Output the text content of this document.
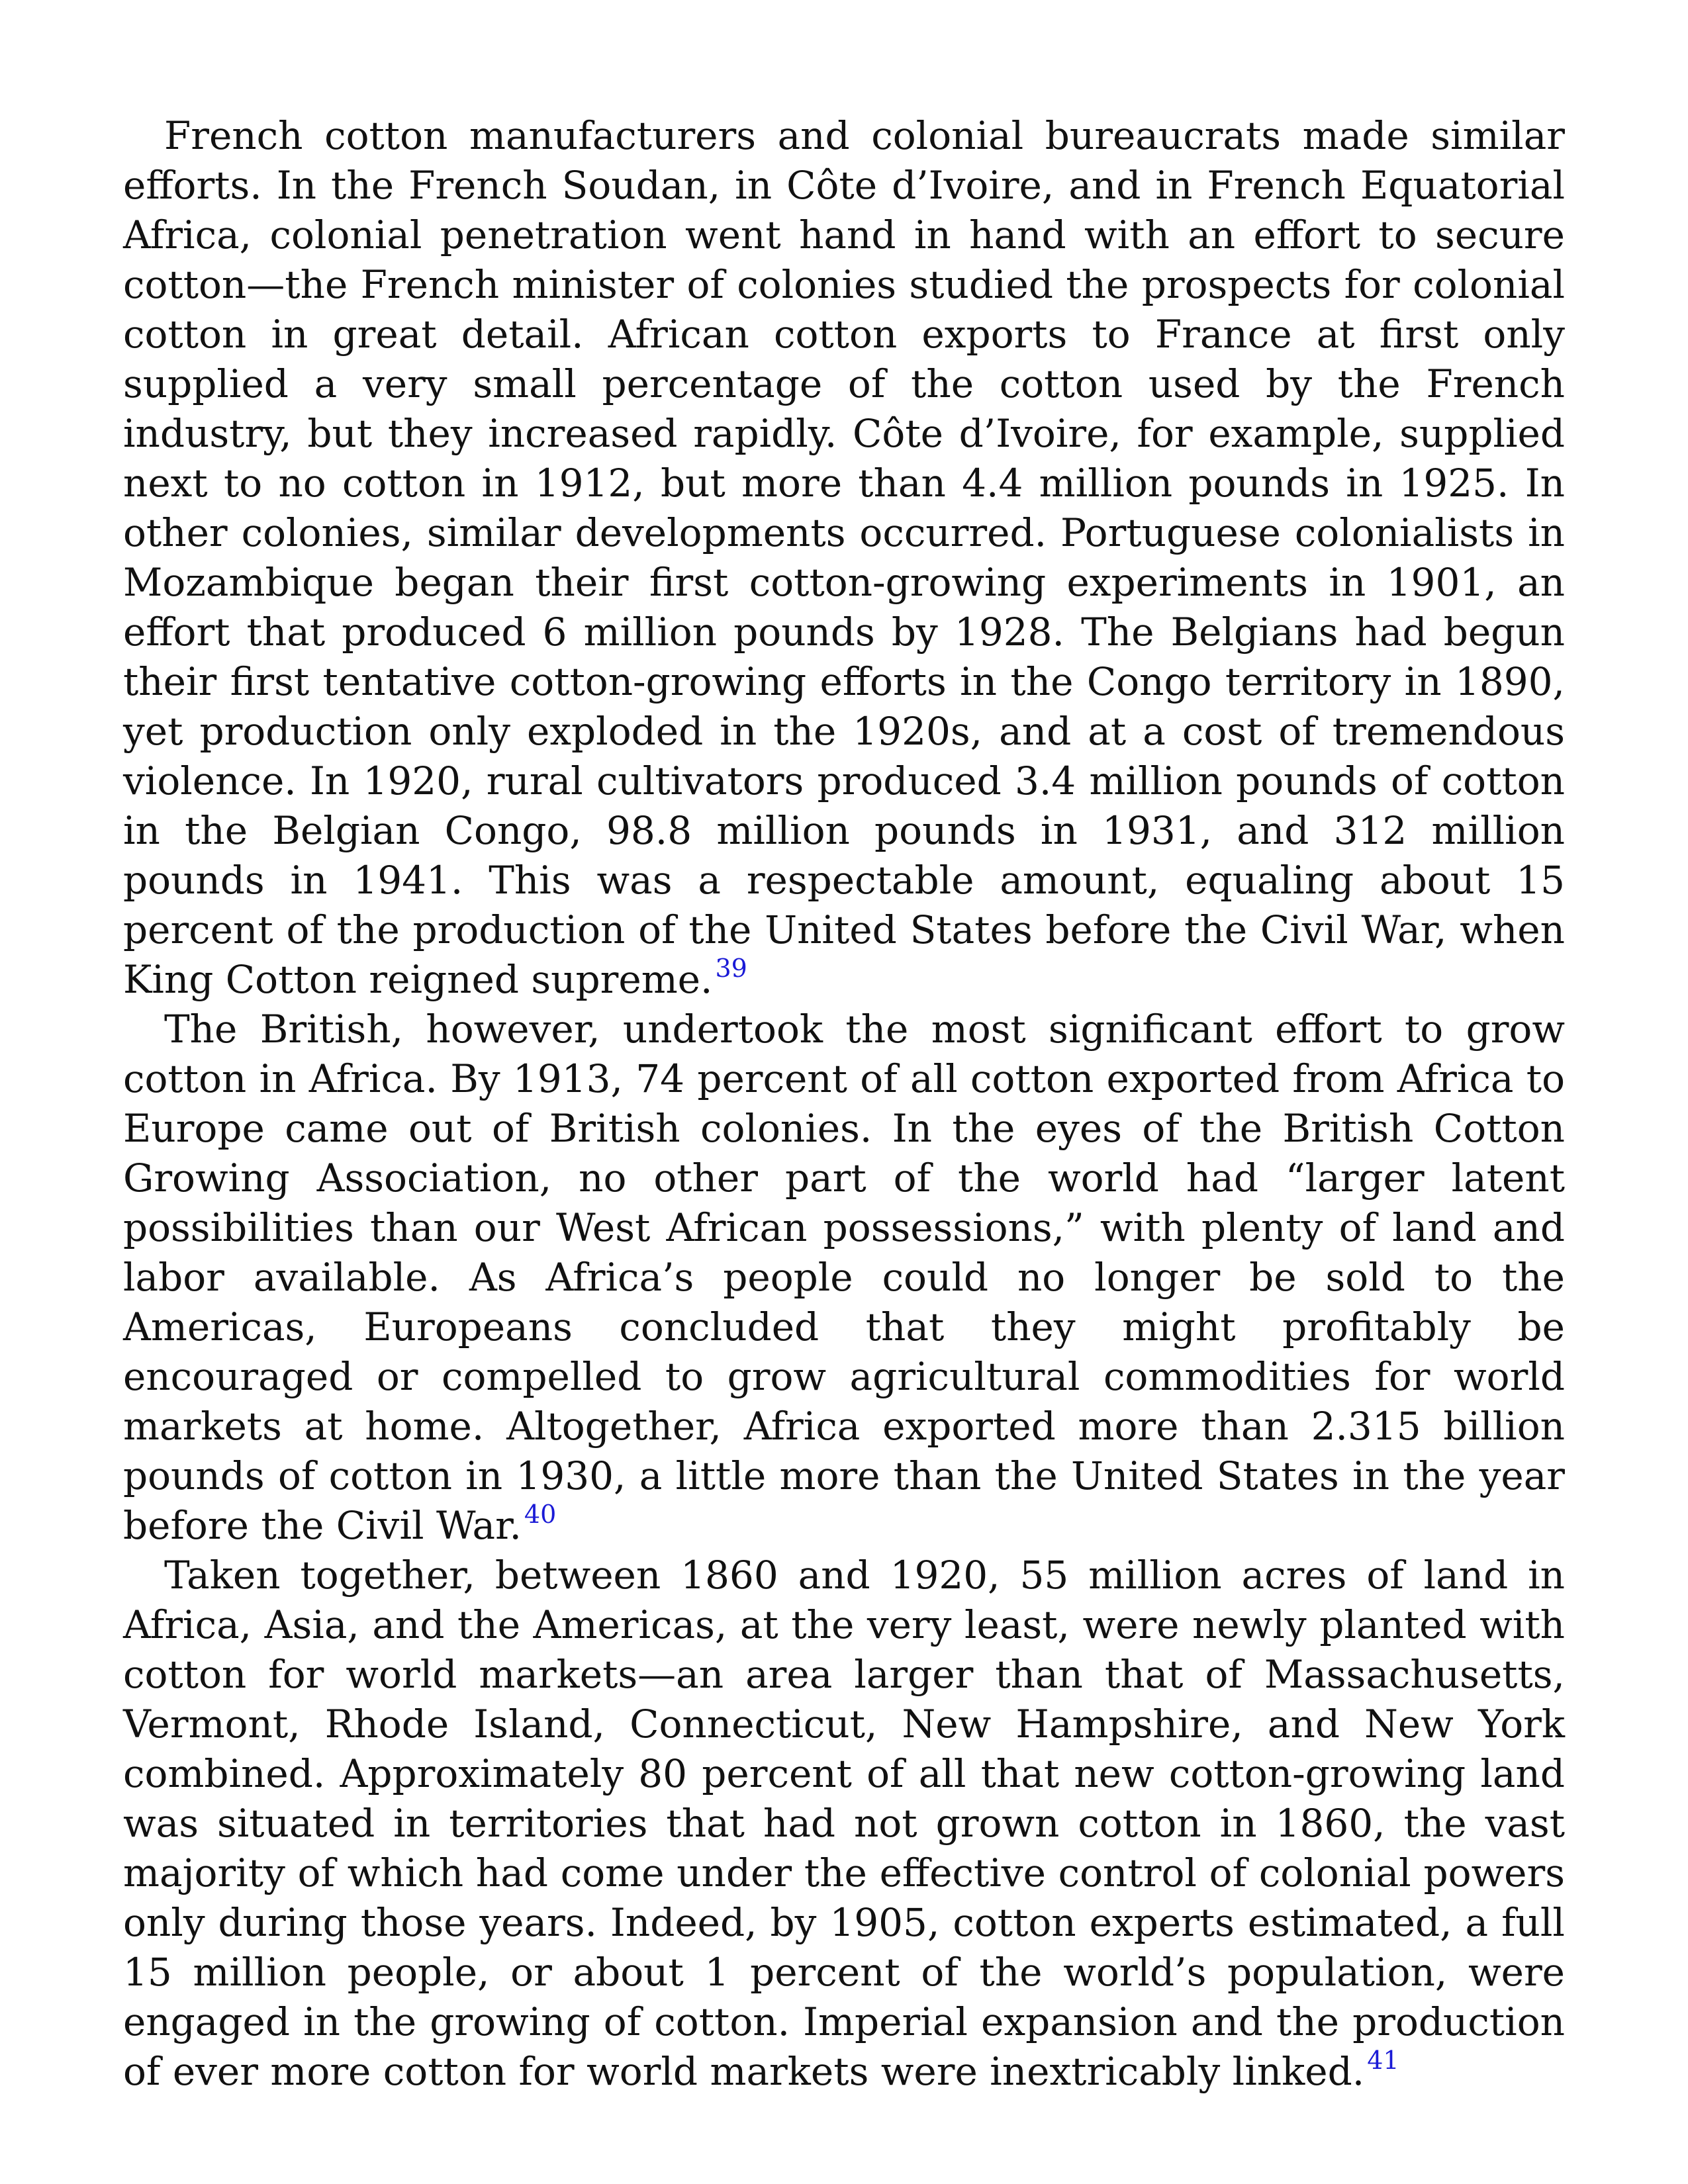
French cotton manufacturers and colonial bureaucrats made similar efforts. In the French Soudan, in Côte d’Ivoire, and in French Equatorial Africa, colonial penetration went hand in hand with an effort to secure cotton—the French minister of colonies studied the prospects for colonial cotton in great detail. African cotton exports to France at first only supplied a very small percentage of the cotton used by the French industry, but they increased rapidly. Côte d’Ivoire, for example, supplied next to no cotton in 1912, but more than 4.4 million pounds in 1925. In other colonies, similar developments occurred. Portuguese colonialists in Mozambique began their first cotton-growing experiments in 1901, an effort that produced 6 million pounds by 1928. The Belgians had begun their first tentative cotton-growing efforts in the Congo territory in 1890, yet production only exploded in the 1920s, and at a cost of tremendous violence. In 1920, rural cultivators produced 3.4 million pounds of cotton in the Belgian Congo, 98.8 million pounds in 1931, and 312 million pounds in 1941. This was a respectable amount, equaling about 15 percent of the production of the United States before the Civil War, when King Cotton reigned supreme. $^{39}$

The British, however, undertook the most significant effort to grow cotton in Africa. By 1913, 74 percent of all cotton exported from Africa to Europe came out of British colonies. In the eyes of the British Cotton Growing Association, no other part of the world had “larger latent possibilities than our West African possessions,” with plenty of land and labor available. As Africa’s people could no longer be sold to the Americas, Europeans concluded that they might profitably be encouraged or compelled to grow agricultural commodities for world markets at home. Altogether, Africa exported more than 2.315 billion pounds of cotton in 1930, a little more than the United States in the year before the Civil War. $^{40}$

Taken together, between 1860 and 1920, 55 million acres of land in Africa, Asia, and the Americas, at the very least, were newly planted with cotton for world markets—an area larger than that of Massachusetts, Vermont, Rhode Island, Connecticut, New Hampshire, and New York combined. Approximately 80 percent of all that new cotton-growing land was situated in territories that had not grown cotton in 1860, the vast majority of which had come under the effective control of colonial powers only during those years. Indeed, by 1905, cotton experts estimated, a full 15 million people, or about 1 percent of the world’s population, were engaged in the growing of cotton. Imperial expansion and the production of ever more cotton for world markets were inextricably linked. $^{41}$
